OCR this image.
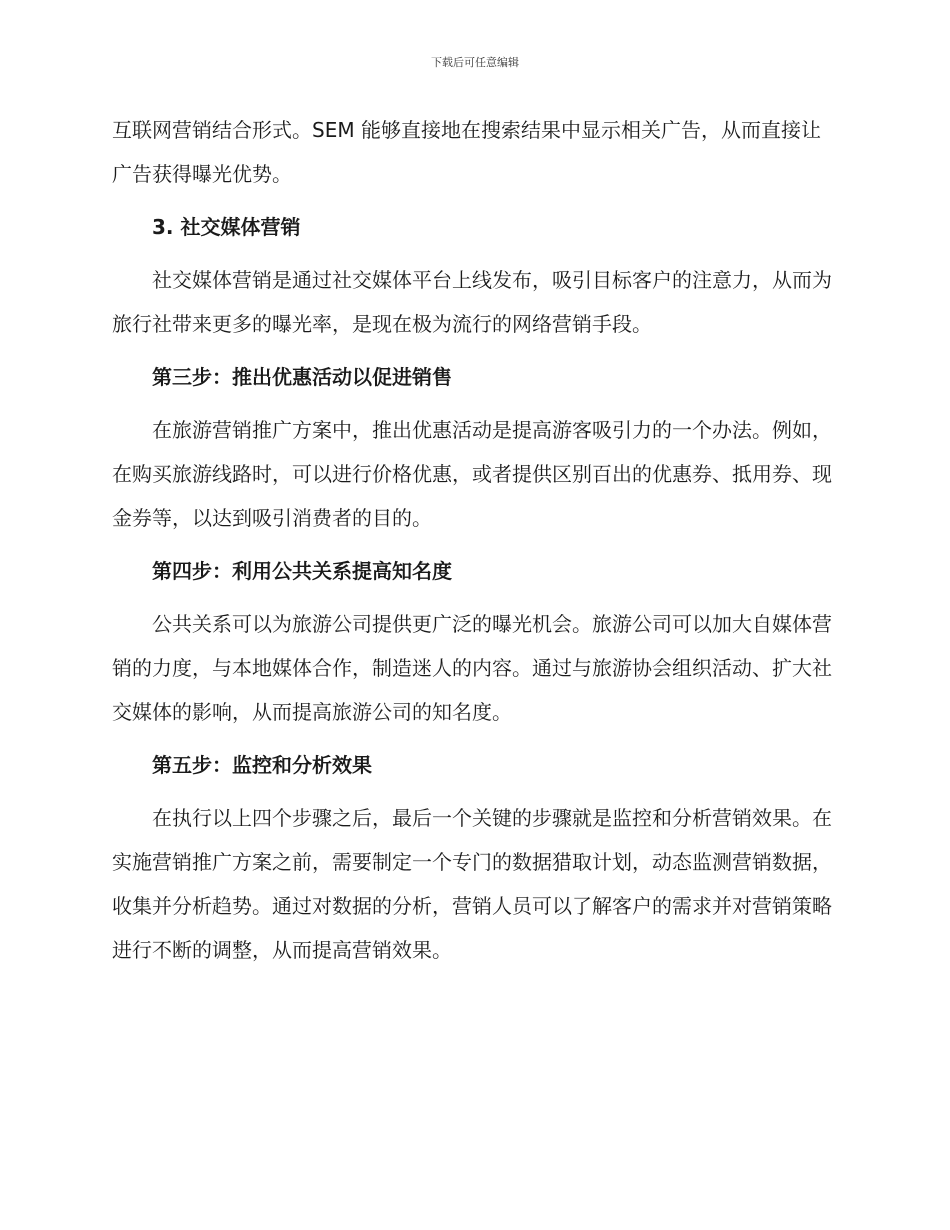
下载后可任意编辑

互联网营销结合形式。SEM 能够直接地在搜索结果中显示相关广告，从而直接让广告获得曝光优势。

3. 社交媒体营销

社交媒体营销是通过社交媒体平台上线发布，吸引目标客户的注意力，从而为旅行社带来更多的曝光率，是现在极为流行的网络营销手段。

第三步：推出优惠活动以促进销售

在旅游营销推广方案中，推出优惠活动是提高游客吸引力的一个办法。例如，在购买旅游线路时，可以进行价格优惠，或者提供区别百出的优惠券、抵用券、现金券等，以达到吸引消费者的目的。

第四步：利用公共关系提高知名度

公共关系可以为旅游公司提供更广泛的曝光机会。旅游公司可以加大自媒体营销的力度，与本地媒体合作，制造迷人的内容。通过与旅游协会组织活动、扩大社交媒体的影响，从而提高旅游公司的知名度。

第五步：监控和分析效果

在执行以上四个步骤之后，最后一个关键的步骤就是监控和分析营销效果。在实施营销推广方案之前，需要制定一个专门的数据猎取计划，动态监测营销数据，收集并分析趋势。通过对数据的分析，营销人员可以了解客户的需求并对营销策略进行不断的调整，从而提高营销效果。
